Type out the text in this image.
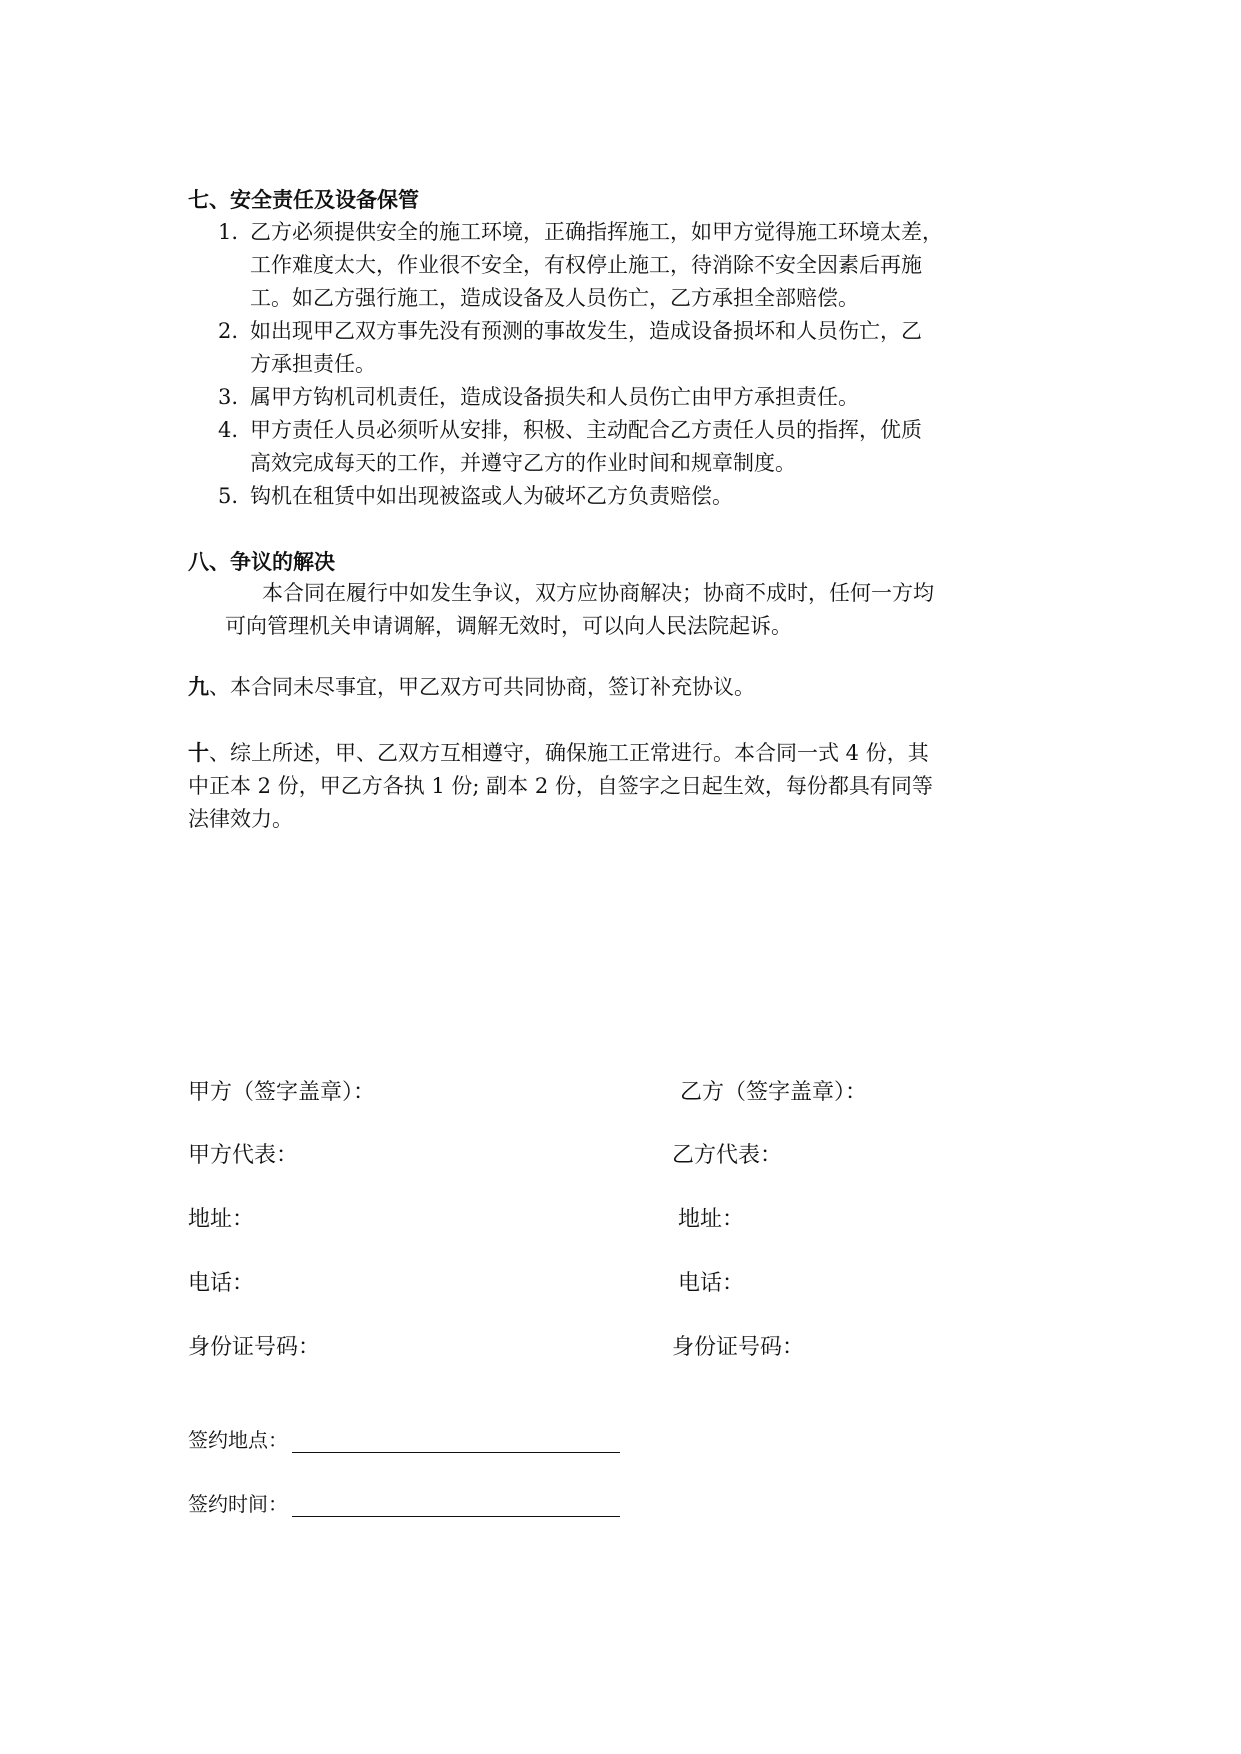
七、安全责任及设备保管
1. 乙方必须提供安全的施工环境，正确指挥施工，如甲方觉得施工环境太差，
工作难度太大，作业很不安全，有权停止施工，待消除不安全因素后再施
工。如乙方强行施工，造成设备及人员伤亡，乙方承担全部赔偿。
2. 如出现甲乙双方事先没有预测的事故发生，造成设备损坏和人员伤亡，乙
方承担责任。
3. 属甲方钩机司机责任，造成设备损失和人员伤亡由甲方承担责任。
4. 甲方责任人员必须听从安排，积极、主动配合乙方责任人员的指挥，优质
高效完成每天的工作，并遵守乙方的作业时间和规章制度。
5. 钩机在租赁中如出现被盗或人为破坏乙方负责赔偿。
八、争议的解决
本合同在履行中如发生争议，双方应协商解决；协商不成时，任何一方均
可向管理机关申请调解，调解无效时，可以向人民法院起诉。
九、本合同未尽事宜，甲乙双方可共同协商，签订补充协议。
十、综上所述，甲、乙双方互相遵守，确保施工正常进行。本合同一式 4 份，其
中正本 2 份，甲乙方各执 1 份; 副本 2 份，自签字之日起生效，每份都具有同等
法律效力。
甲方（签字盖章）：
甲方代表：
地址：
电话：
身份证号码：
乙方（签字盖章）：
乙方代表：
地址：
电话：
身份证号码：
签约地点：
签约时间：
